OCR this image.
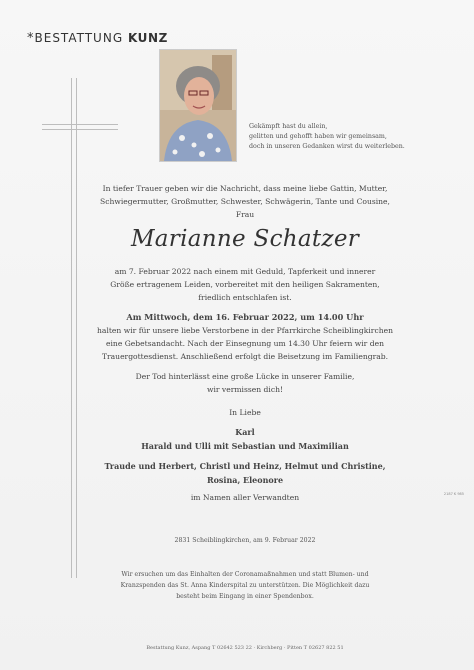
*BESTATTUNG KUNZ
Gekämpft hast du allein,
gelitten und gehofft haben wir gemeinsam,
doch in unseren Gedanken wirst du weiterleben.
In tiefer Trauer geben wir die Nachricht, dass meine liebe Gattin, Mutter,
Schwiegermutter, Großmutter, Schwester, Schwägerin, Tante und Cousine,
Frau
Marianne Schatzer
am 7. Februar 2022 nach einem mit Geduld, Tapferkeit und innerer
Größe ertragenem Leiden, vorbereitet mit den heiligen Sakramenten,
friedlich entschlafen ist.
Am Mittwoch, dem 16. Februar 2022, um 14.00 Uhr
halten wir für unsere liebe Verstorbene in der Pfarrkirche Scheiblingkirchen
eine Gebetsandacht. Nach der Einsegnung um 14.30 Uhr feiern wir den
Trauergottesdienst. Anschließend erfolgt die Beisetzung im Familiengrab.
Der Tod hinterlässt eine große Lücke in unserer Familie,
wir vermissen dich!
In Liebe
Karl
Harald und Ulli mit Sebastian und Maximilian
Traude und Herbert, Christl und Heinz, Helmut und Christine,
Rosina, Eleonore
im Namen aller Verwandten
2831 Scheiblingkirchen, am 9. Februar 2022
Wir ersuchen um das Einhalten der Coronamaßnahmen und statt Blumen- und
Kranzspenden das St. Anna Kinderspital zu unterstützen. Die Möglichkeit dazu
besteht beim Eingang in einer Spendenbox.
Bestattung Kunz, Aspang T 02642 523 22 · Kirchberg · Pitten T 02627 822 51
2187 K 985
